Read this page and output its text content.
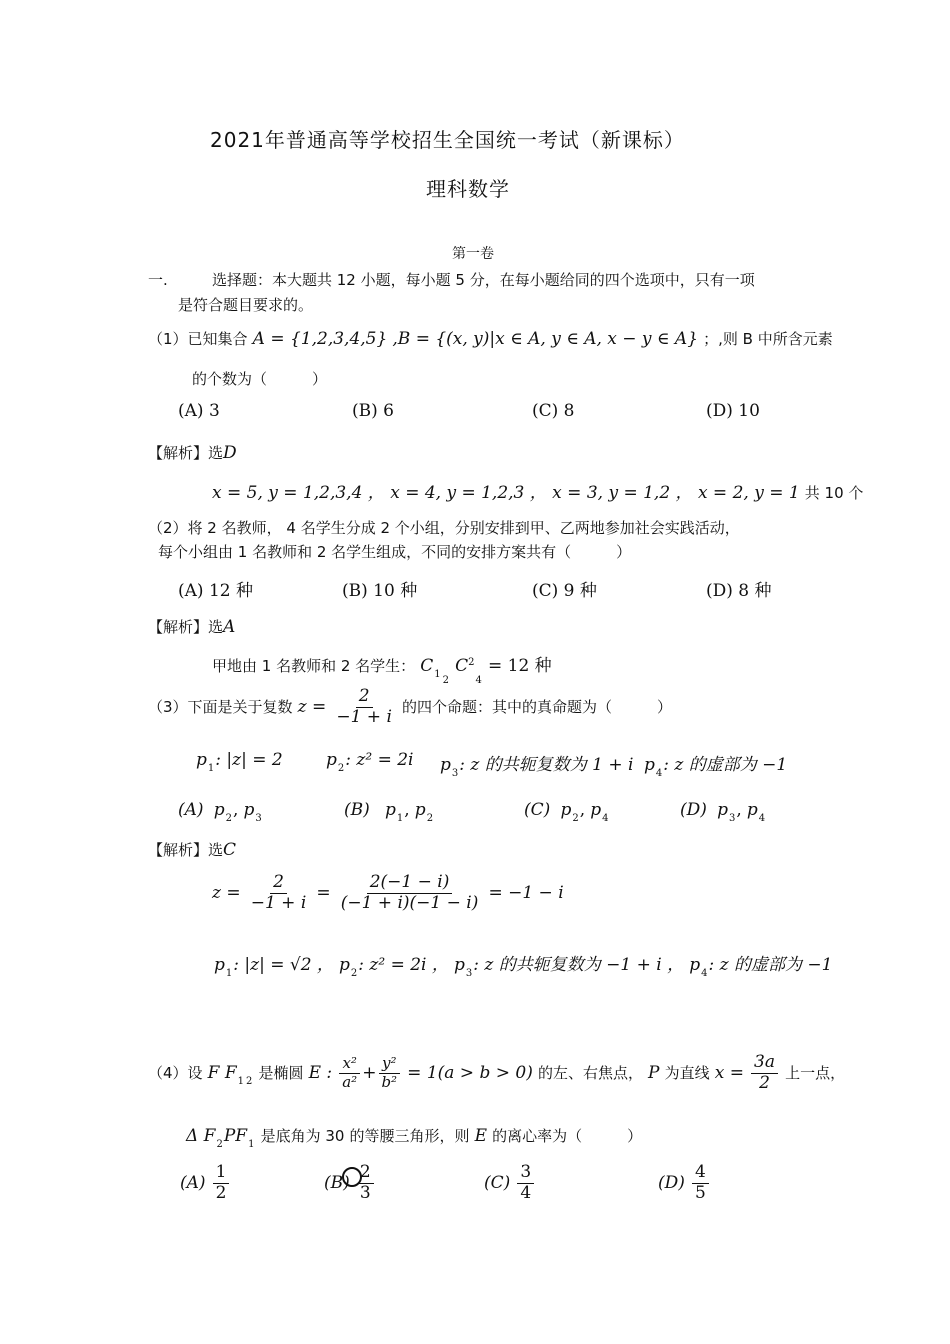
2021年普通高等学校招生全国统一考试（新课标）
理科数学
第一卷
一.	选择题：本大题共 12 小题，每小题 5 分，在每小题给同的四个选项中，只有一项
是符合题目要求的。
（1）已知集合 A = {1,2,3,4,5} ,B = {(x, y)|x ∈ A, y ∈ A, x − y ∈ A} ；,则 B 中所含元素
的个数为（　　　）
(A) 3	(B) 6	(C) 8	(D) 10
【解析】选D
x = 5, y = 1,2,3,4 ， x = 4, y = 1,2,3 ， x = 3, y = 1,2 ， x = 2, y = 1 共 10 个
（2）将 2 名教师， 4 名学生分成 2 个小组，分别安排到甲、乙两地参加社会实践活动，
每个小组由 1 名教师和 2 名学生组成，不同的安排方案共有（　　　）
(A) 12 种	(B) 10 种	(C) 9 种	(D) 8 种
【解析】选A
甲地由 1 名教师和 2 名学生： $C_{12}$ $C^2_4 = 12$ 种
（3）下面是关于复数 $z = \frac{2}{-1 + i}$ 的四个命题：其中的真命题为（　　　）
$p_1$: |z| = 2	$p_2$: z² = 2i $p_3$: z 的共轭复数为 1 + i $p_4$: z 的虚部为 −1
(A) $p_2$, $p_3$	(B) $p_1$, $p_2$	(C) $p_2$, $p_4$	(D) $p_3$, $p_4$
【解析】选C
$z = \frac{2}{-1 + i} = \frac{2(-1 - i)}{(-1 + i)(-1 - i)} = -1 - i$
$p_1$: |z| = √2 ， $p_2$: z² = 2i ， $p_3$: z 的共轭复数为 −1 + i ， $p_4$: z 的虚部为 −1
（4）设 F $F_1$ $_2$ 是椭圆 E : $\frac{\text{x²}}{\text{a²}} + \frac{\text{y²}}{\text{b²}} = 1(a > b > 0)$ 的左、右焦点， P 为直线 $x = \frac{3a}{2}$ 上一点，
Δ $F_2PF_1$ 是底角为 30 的等腰三角形，则 E 的离心率为（　　　）
$(A) \frac{1}{2}$	$(B) \frac{2}{3}$	$(C) \frac{3}{4}$	$(D) \frac{4}{5}$
